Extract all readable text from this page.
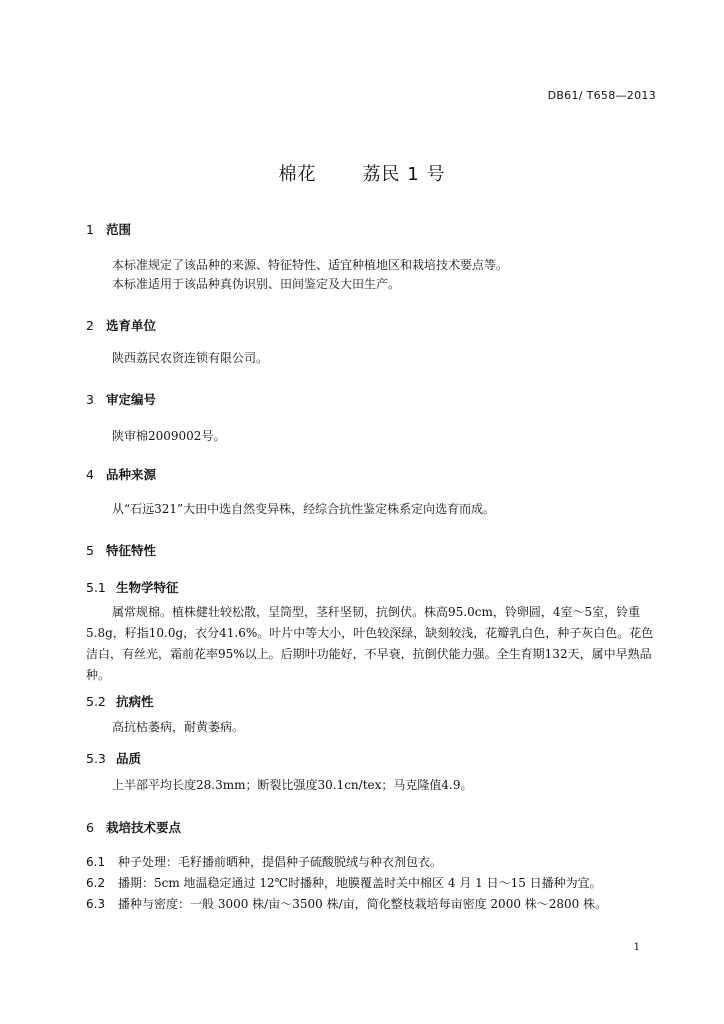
DB61/ T658—2013
棉花	荔民 1 号
1 范围
本标准规定了该品种的来源、特征特性、适宜种植地区和栽培技术要点等。
本标准适用于该品种真伪识别、田间鉴定及大田生产。
2 选育单位
陕西荔民农资连锁有限公司。
3 审定编号
陕审棉2009002号。
4 品种来源
从“石远321”大田中选自然变异株，经综合抗性鉴定株系定向选育而成。
5 特征特性
5.1 生物学特征
属常规棉。植株健壮较松散，呈筒型，茎秆坚韧，抗倒伏。株高95.0cm，铃卵圆，4室～5室，铃重5.8g，籽指10.0g，衣分41.6%。叶片中等大小，叶色较深绿，缺刻较浅，花瓣乳白色，种子灰白色。花色洁白，有丝光，霜前花率95%以上。后期叶功能好，不早衰，抗倒伏能力强。全生育期132天，属中早熟品种。
5.2 抗病性
高抗枯萎病，耐黄萎病。
5.3 品质
上半部平均长度28.3mm；断裂比强度30.1cn/tex；马克隆值4.9。
6 栽培技术要点
6.1 种子处理：毛籽播前晒种，提倡种子硫酸脱绒与种衣剂包衣。
6.2 播期：5cm 地温稳定通过 12℃时播种，地膜覆盖时关中棉区 4 月 1 日～15 日播种为宜。
6.3 播种与密度：一般 3000 株/亩～3500 株/亩，简化整枝栽培每亩密度 2000 株～2800 株。
1
